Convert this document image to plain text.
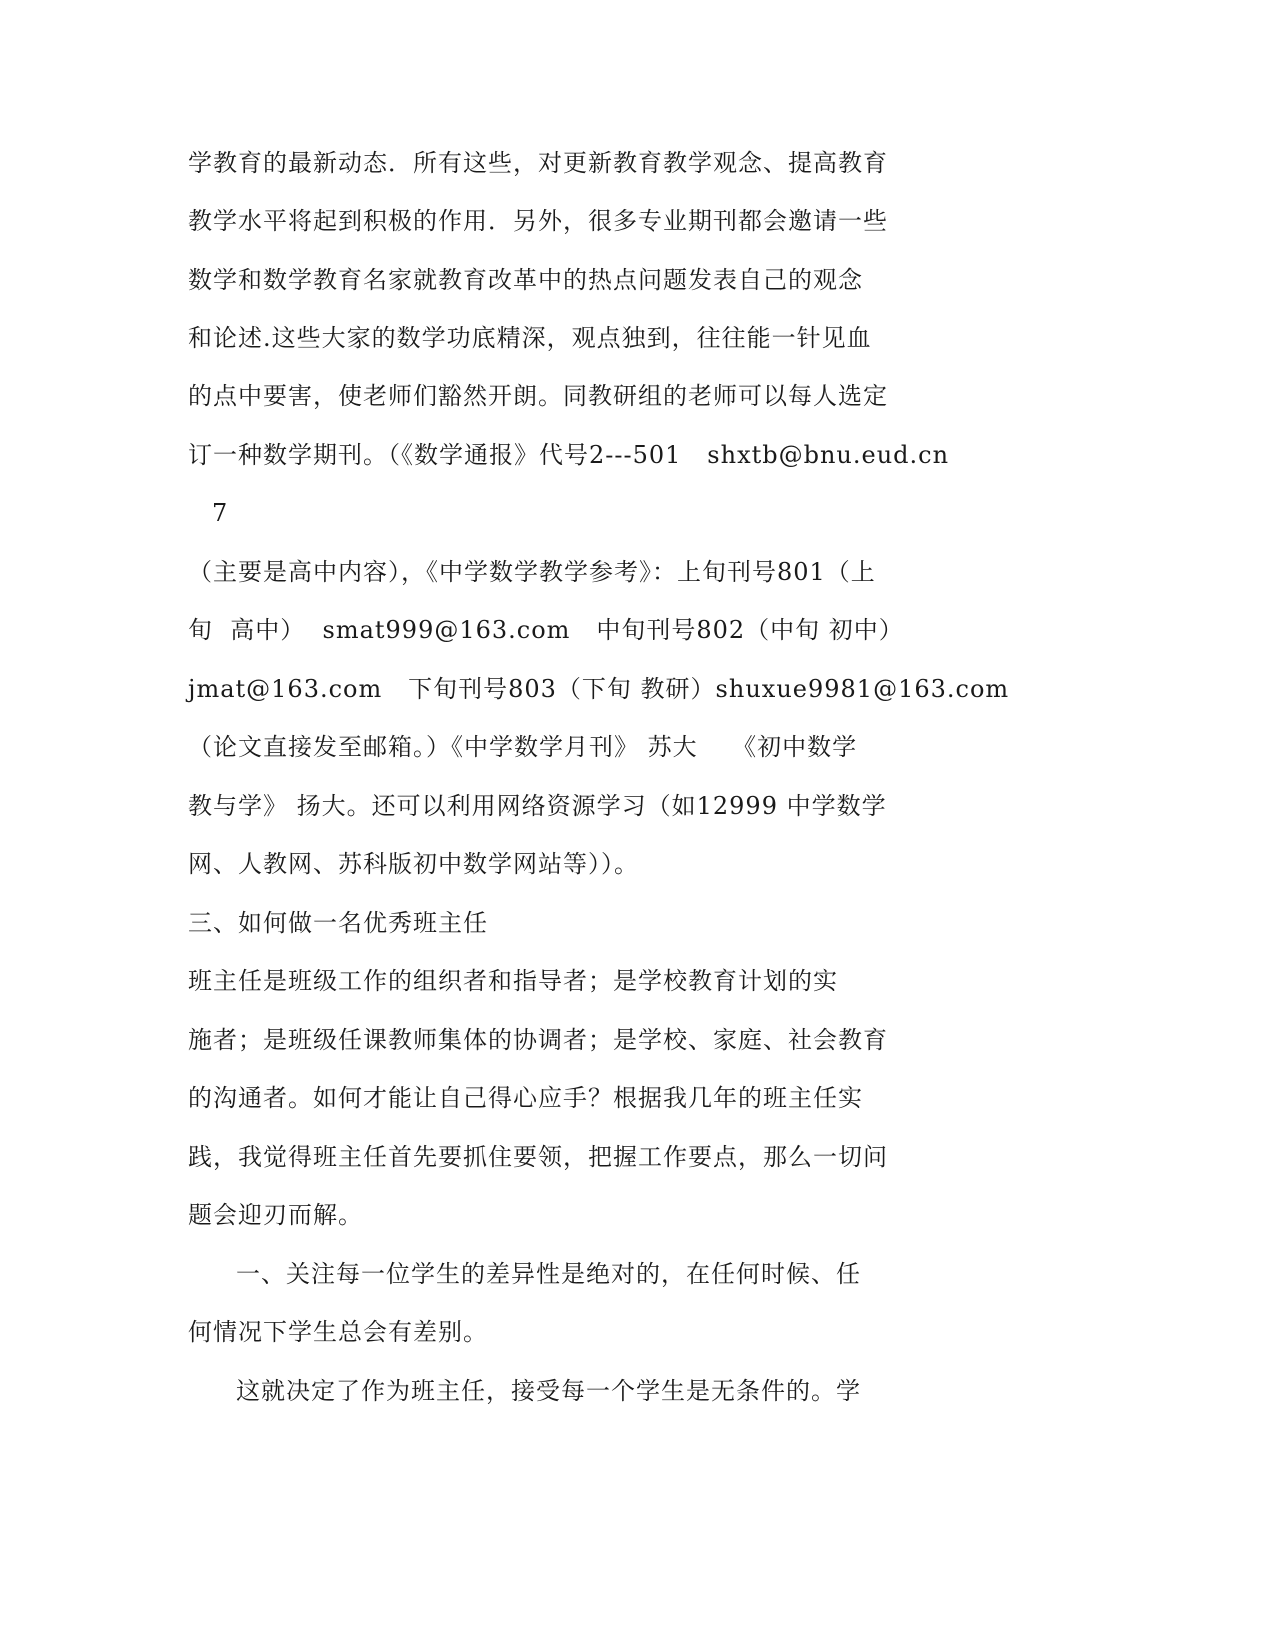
学教育的最新动态．所有这些，对更新教育教学观念、提高教育
教学水平将起到积极的作用．另外，很多专业期刊都会邀请一些
数学和数学教育名家就教育改革中的热点问题发表自己的观念
和论述.这些大家的数学功底精深，观点独到，往往能一针见血
的点中要害，使老师们豁然开朗。同教研组的老师可以每人选定
订一种数学期刊。（《数学通报》代号2---501   shxtb@bnu.eud.cn
7
（主要是高中内容），《中学数学教学参考》：上旬刊号801（上
旬  高中）  smat999@163.com   中旬刊号802（中旬 初中）
jmat@163.com   下旬刊号803（下旬 教研）shuxue9981@163.com
（论文直接发至邮箱。）《中学数学月刊》 苏大    《初中数学
教与学》 扬大。还可以利用网络资源学习（如12999 中学数学
网、人教网、苏科版初中数学网站等））。
三、如何做一名优秀班主任
班主任是班级工作的组织者和指导者；是学校教育计划的实
施者；是班级任课教师集体的协调者；是学校、家庭、社会教育
的沟通者。如何才能让自己得心应手？根据我几年的班主任实
践，我觉得班主任首先要抓住要领，把握工作要点，那么一切问
题会迎刃而解。
一、关注每一位学生的差异性是绝对的，在任何时候、任
何情况下学生总会有差别。
这就决定了作为班主任，接受每一个学生是无条件的。学
